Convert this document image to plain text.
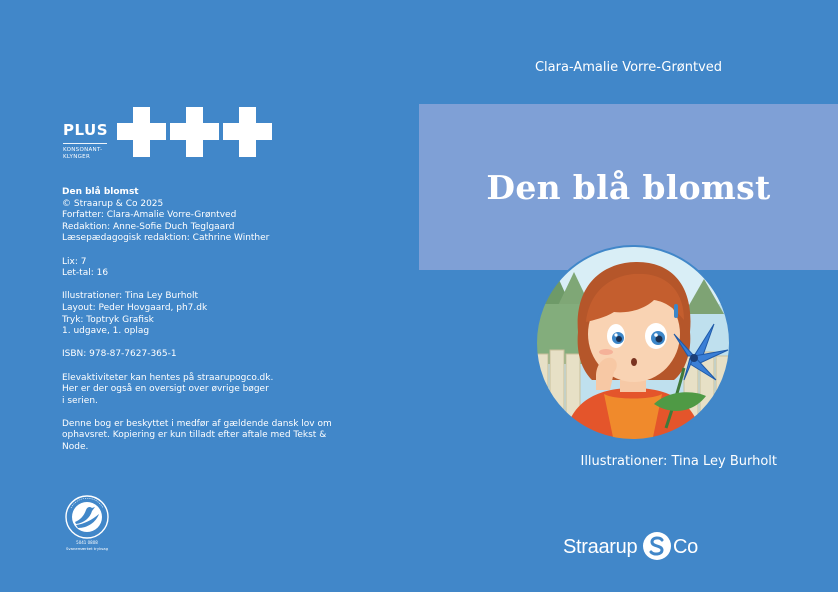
PLUS
KONSONANT-
KLYNGER
Den blå blomst
© Straarup & Co 2025
Forfatter: Clara-Amalie Vorre-Grøntved
Redaktion: Anne-Sofie Duch Teglgaard
Læsepædagogisk redaktion: Cathrine Winther
Lix: 7
Let-tal: 16
Illustrationer: Tina Ley Burholt
Layout: Peder Hovgaard, ph7.dk
Tryk: Toptryk Grafisk
1. udgave, 1. oplag
ISBN: 978-87-7627-365-1
Elevaktiviteter kan hentes på straarupogco.dk.
Her er der også en oversigt over øvrige bøger
i serien.
Denne bog er beskyttet i medfør af gældende dansk lov om
ophavsret. Kopiering er kun tilladt efter aftale med Tekst &
Node.
5041 0808
Svanemærket tryksag
Clara-Amalie Vorre-Grøntved
Den blå blomst
Illustrationer: Tina Ley Burholt
Straarup Co
